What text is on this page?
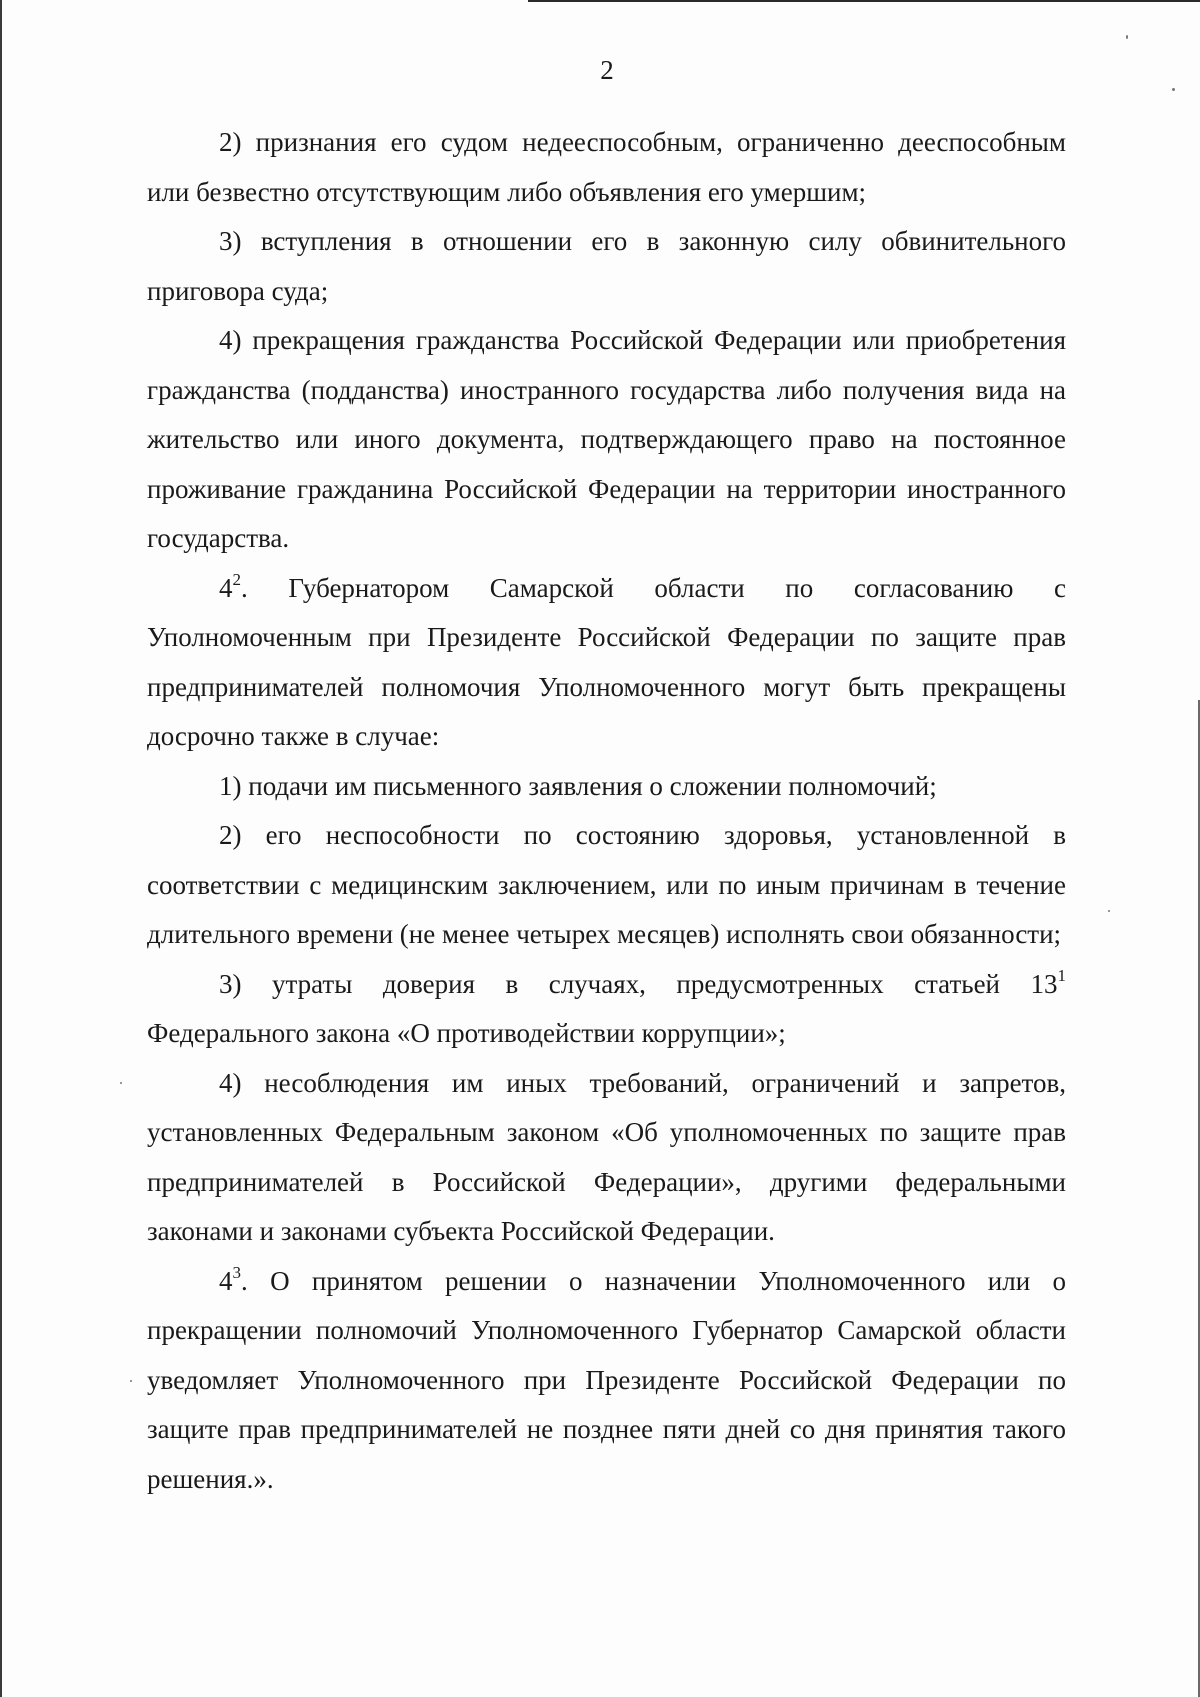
2

2) признания его судом недееспособным, ограниченно дееспособным или безвестно отсутствующим либо объявления его умершим;

3) вступления в отношении его в законную силу обвинительного приговора суда;

4) прекращения гражданства Российской Федерации или приобретения гражданства (подданства) иностранного государства либо получения вида на жительство или иного документа, подтверждающего право на постоянное проживание гражданина Российской Федерации на территории иностранного государства.

$4^2$. Губернатором Самарской области по согласованию с Уполномоченным при Президенте Российской Федерации по защите прав предпринимателей полномочия Уполномоченного могут быть прекращены досрочно также в случае:

1) подачи им письменного заявления о сложении полномочий;

2) его неспособности по состоянию здоровья, установленной в соответствии с медицинским заключением, или по иным причинам в течение длительного времени (не менее четырех месяцев) исполнять свои обязанности;

3) утраты доверия в случаях, предусмотренных статьей $13^1$ Федерального закона «О противодействии коррупции»;

4) несоблюдения им иных требований, ограничений и запретов, установленных Федеральным законом «Об уполномоченных по защите прав предпринимателей в Российской Федерации», другими федеральными законами и законами субъекта Российской Федерации.

$4^3$. О принятом решении о назначении Уполномоченного или о прекращении полномочий Уполномоченного Губернатор Самарской области уведомляет Уполномоченного при Президенте Российской Федерации по защите прав предпринимателей не позднее пяти дней со дня принятия такого решения.».
